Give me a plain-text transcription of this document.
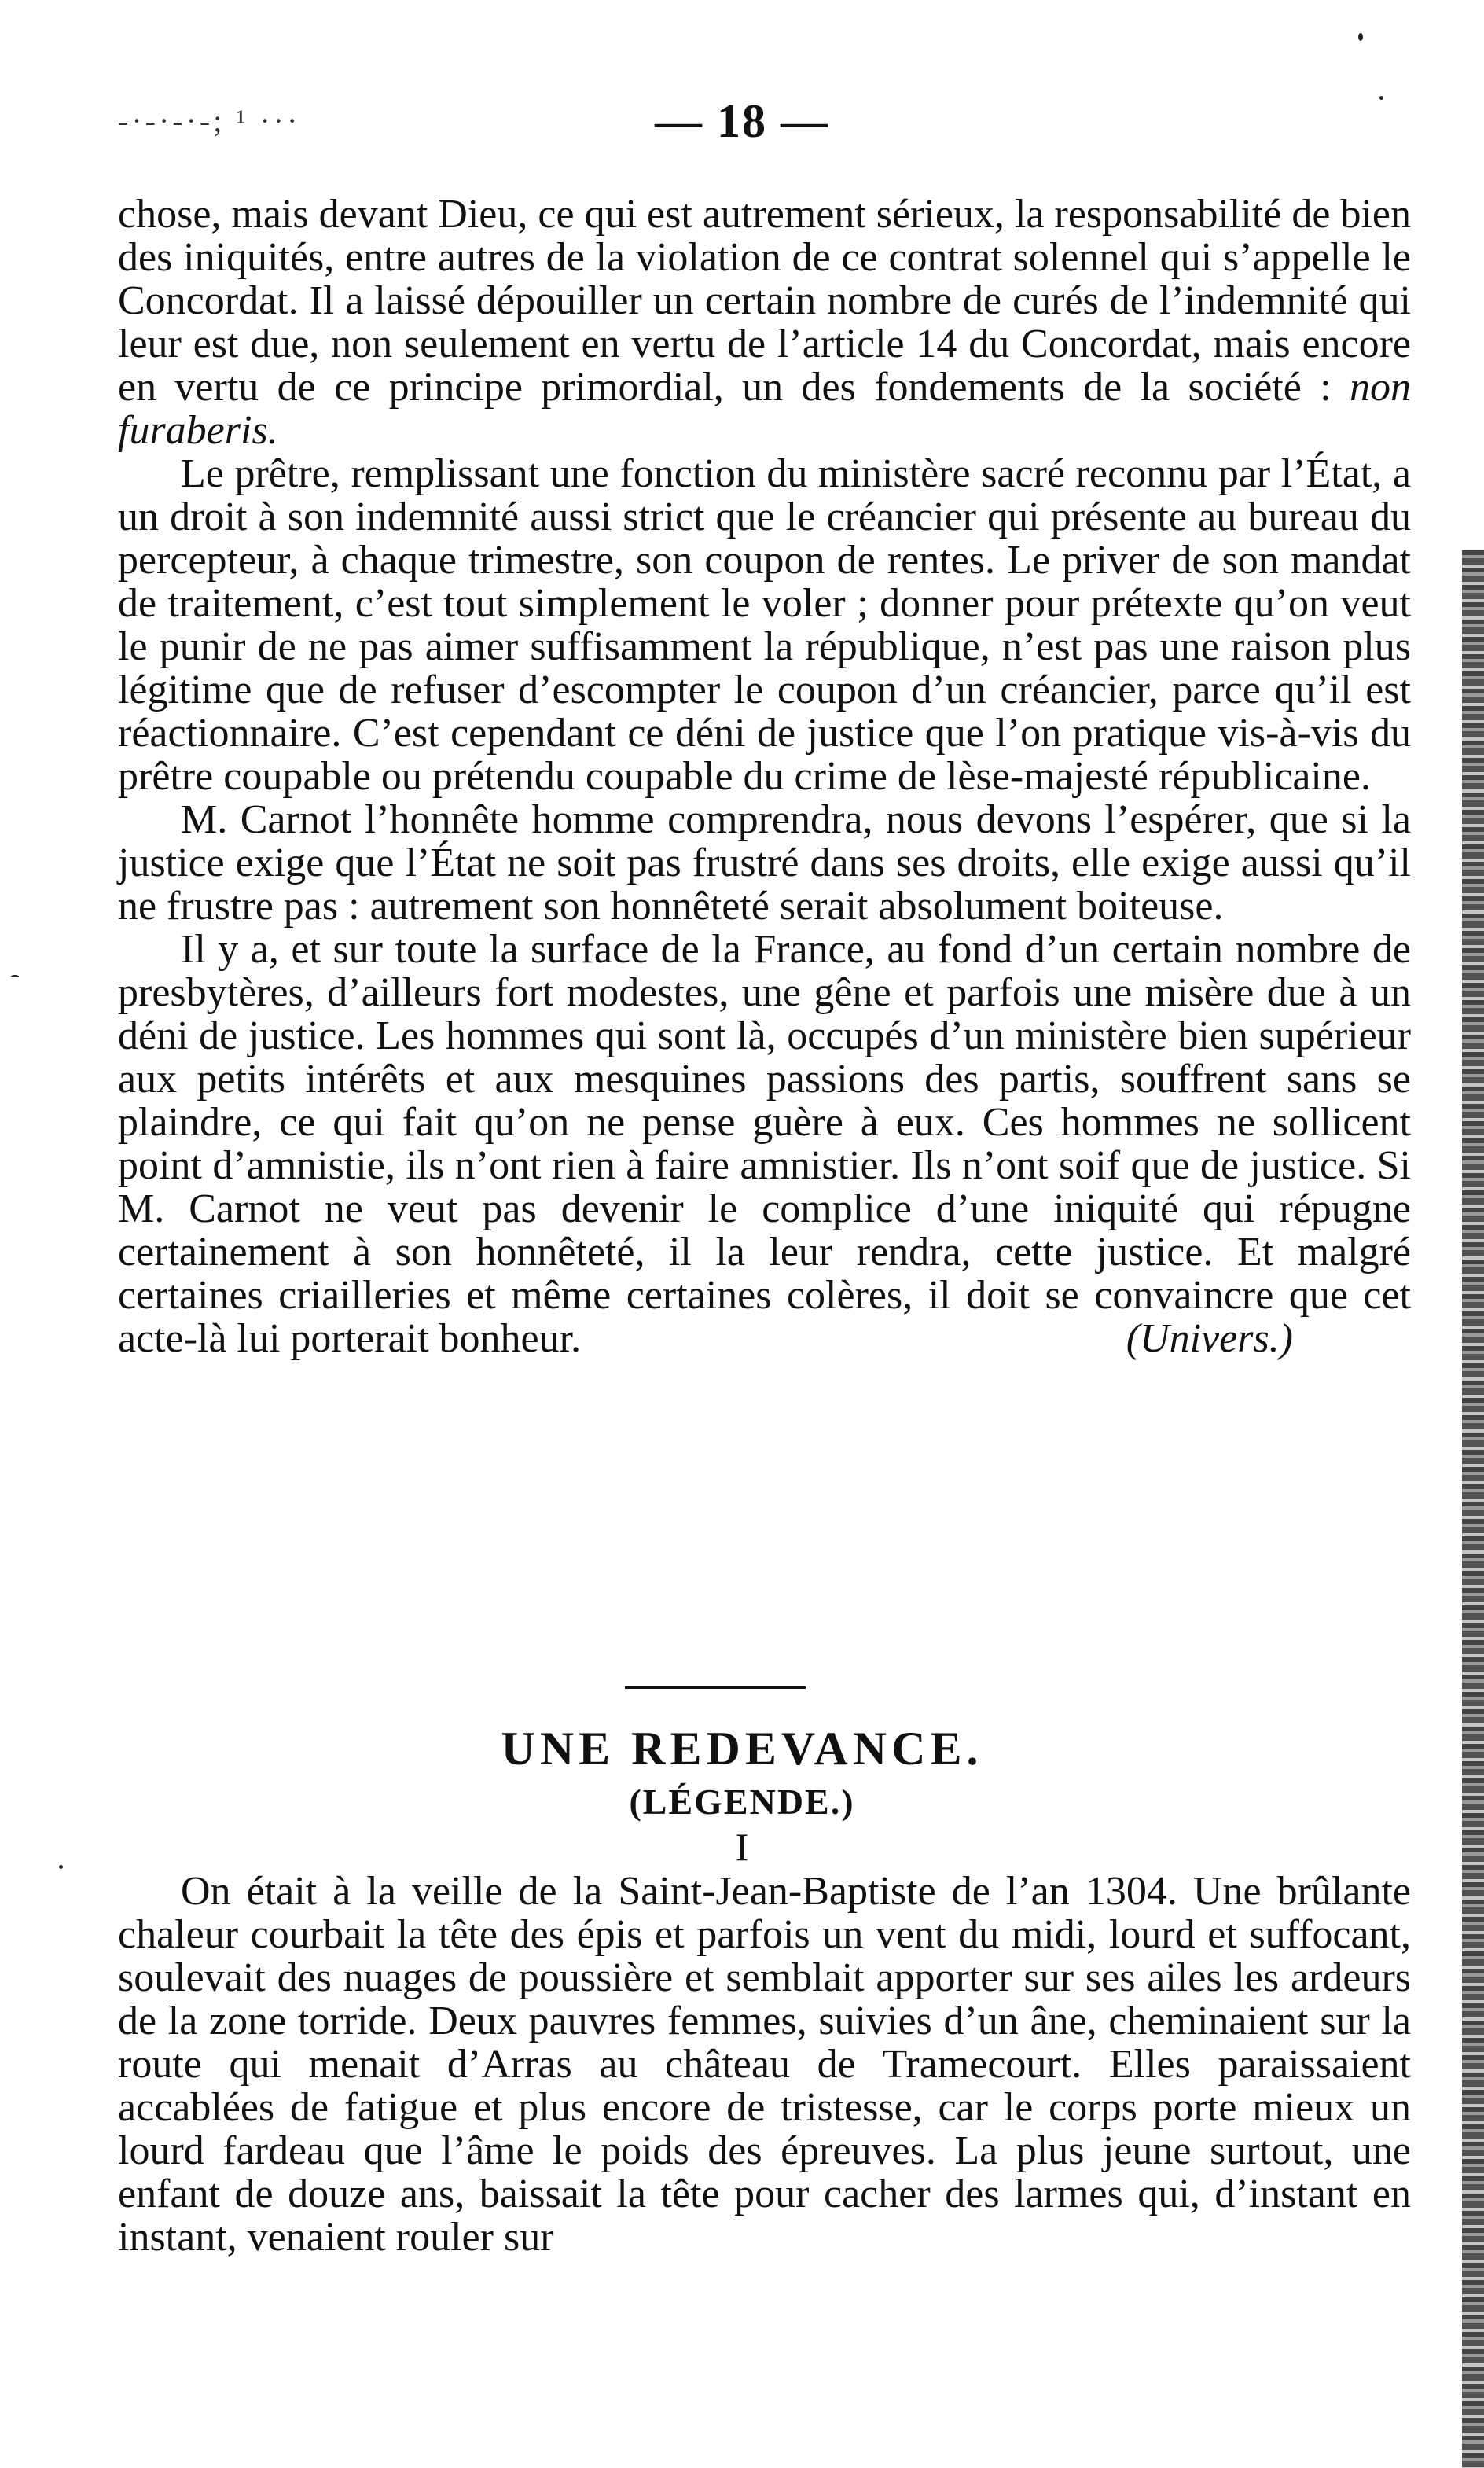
-·-·-·-; ¹ ···	— 18 —

chose, mais devant Dieu, ce qui est autrement sérieux, la responsabilité de bien des iniquités, entre autres de la violation de ce contrat solennel qui s’appelle le Concordat. Il a laissé dépouiller un certain nombre de curés de l’indemnité qui leur est due, non seulement en vertu de l’article 14 du Concordat, mais encore en vertu de ce principe primordial, un des fondements de la société : non furaberis.

Le prêtre, remplissant une fonction du ministère sacré reconnu par l’État, a un droit à son indemnité aussi strict que le créancier qui présente au bureau du percepteur, à chaque trimestre, son coupon de rentes. Le priver de son mandat de traitement, c’est tout simplement le voler ; donner pour prétexte qu’on veut le punir de ne pas aimer suffisamment la république, n’est pas une raison plus légitime que de refuser d’escompter le coupon d’un créancier, parce qu’il est réactionnaire. C’est cependant ce déni de justice que l’on pratique vis-à-vis du prêtre coupable ou prétendu coupable du crime de lèse-majesté républicaine.

M. Carnot l’honnête homme comprendra, nous devons l’espérer, que si la justice exige que l’État ne soit pas frustré dans ses droits, elle exige aussi qu’il ne frustre pas : autrement son honnêteté serait absolument boiteuse.

Il y a, et sur toute la surface de la France, au fond d’un certain nombre de presbytères, d’ailleurs fort modestes, une gêne et parfois une misère due à un déni de justice. Les hommes qui sont là, occupés d’un ministère bien supérieur aux petits intérêts et aux mesquines passions des partis, souffrent sans se plaindre, ce qui fait qu’on ne pense guère à eux. Ces hommes ne sollicent point d’amnistie, ils n’ont rien à faire amnistier. Ils n’ont soif que de justice. Si M. Carnot ne veut pas devenir le complice d’une iniquité qui répugne certainement à son honnêteté, il la leur rendra, cette justice. Et malgré certaines criailleries et même certaines colères, il doit se convaincre que cet acte-là lui porterait bonheur.	(Univers.)

UNE REDEVANCE.
(LÉGENDE.)
I

On était à la veille de la Saint-Jean-Baptiste de l’an 1304. Une brûlante chaleur courbait la tête des épis et parfois un vent du midi, lourd et suffocant, soulevait des nuages de poussière et semblait apporter sur ses ailes les ardeurs de la zone torride. Deux pauvres femmes, suivies d’un âne, cheminaient sur la route qui menait d’Arras au château de Tramecourt. Elles paraissaient accablées de fatigue et plus encore de tristesse, car le corps porte mieux un lourd fardeau que l’âme le poids des épreuves. La plus jeune surtout, une enfant de douze ans, baissait la tête pour cacher des larmes qui, d’instant en instant, venaient rouler sur
